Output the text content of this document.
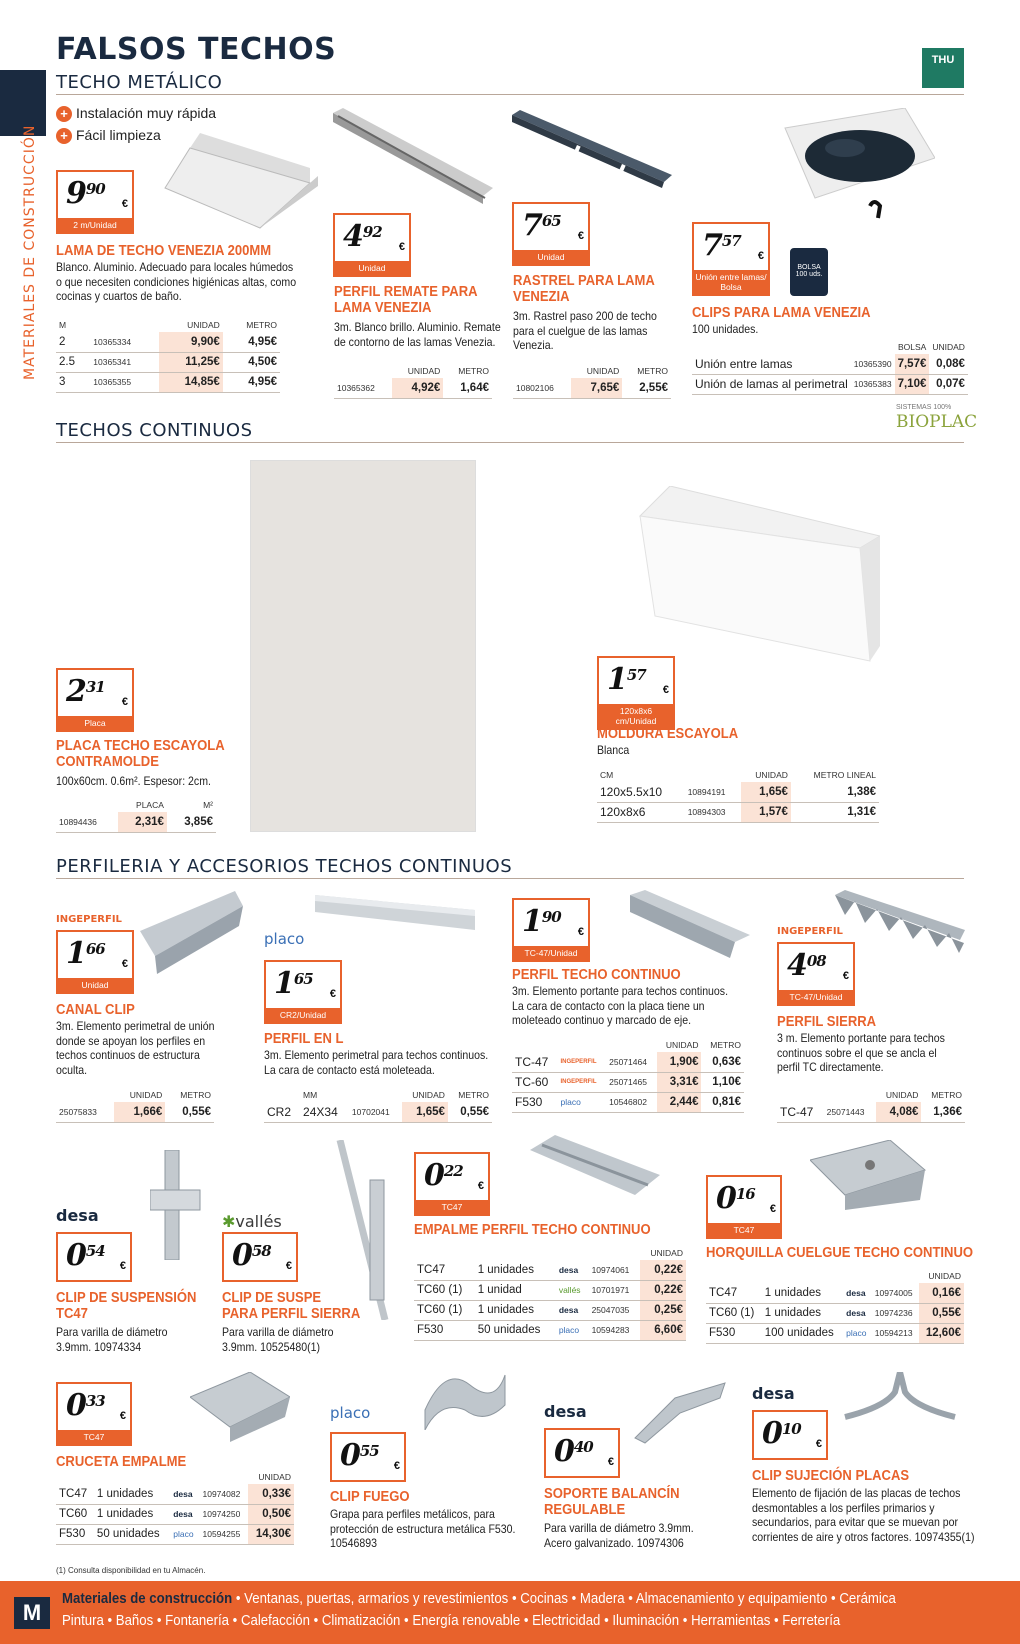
MATERIALES DE CONSTRUCCIÓN
FALSOS TECHOS
TECHO METÁLICO
THU
+ Instalación muy rápida
+ Fácil limpieza
$9^{90}$
€
2 m/Unidad
LAMA DE TECHO VENEZIA 200MM
Blanco. Aluminio. Adecuado para locales húmedos
o que necesiten condiciones higiénicas altas, como
cocinas y cuartos de baño.
M		UNIDAD	METRO
2	10365334	9,90€	4,95€
2.5	10365341	11,25€	4,50€
3	10365355	14,85€	4,95€
$4^{92}$
€
Unidad
PERFIL REMATE PARA
LAMA VENEZIA
3m. Blanco brillo. Aluminio. Remate
de contorno de las lamas Venezia.
	UNIDAD	METRO
10365362	4,92€	1,64€
$7^{65}$
€
Unidad
RASTREL PARA LAMA
VENEZIA
3m. Rastrel paso 200 de techo
para el cuelgue de las lamas
Venezia.
	UNIDAD	METRO
10802106	7,65€	2,55€
$7^{57}$
€
Unión entre lamas/ Bolsa
BOLSA
100 uds.
CLIPS PARA LAMA VENEZIA
100 unidades.
		BOLSA	UNIDAD
Unión entre lamas	10365390	7,57€	0,08€
Unión de lamas al perimetral	10365383	7,10€	0,07€
SISTEMAS 100%
BIOPLAC
TECHOS CONTINUOS
$2^{31}$
€
Placa
PLACA TECHO ESCAYOLA
CONTRAMOLDE
100x60cm. 0.6m². Espesor: 2cm.
	PLACA	M²
10894436	2,31€	3,85€
$1^{57}$
€
120x8x6 cm/Unidad
MOLDURA ESCAYOLA
Blanca
CM		UNIDAD	METRO LINEAL
120x5.5x10	10894191	1,65€	1,38€
120x8x6	10894303	1,57€	1,31€
PERFILERIA Y ACCESORIOS TECHOS CONTINUOS
INGEPERFIL
$1^{66}$
€
Unidad
CANAL CLIP
3m. Elemento perimetral de unión
donde se apoyan los perfiles en
techos continuos de estructura
oculta.
	UNIDAD	METRO
25075833	1,66€	0,55€
placo
$1^{65}$
€
CR2/Unidad
PERFIL EN L
3m. Elemento perimetral para techos continuos.
La cara de contacto está moleteada.
	MM		UNIDAD	METRO
CR2	24X34	10702041	1,65€	0,55€
$1^{90}$
€
TC-47/Unidad
PERFIL TECHO CONTINUO
3m. Elemento portante para techos continuos.
La cara de contacto con la placa tiene un
moleteado continuo y marcado de eje.
			UNIDAD	METRO
TC-47	INGEPERFIL	25071464	1,90€	0,63€
TC-60	INGEPERFIL	25071465	3,31€	1,10€
F530	placo	10546802	2,44€	0,81€
INGEPERFIL
$4^{08}$
€
TC-47/Unidad
PERFIL SIERRA
3 m. Elemento portante para techos
continuos sobre el que se ancla el
perfil TC directamente.
		UNIDAD	METRO
TC-47	25071443	4,08€	1,36€
desa
$0^{54}$
€
CLIP DE SUSPENSIÓN
TC47
Para varilla de diámetro
3.9mm. 10974334
✱vallés
$0^{58}$
€
CLIP DE SUSPE
PARA PERFIL SIERRA
Para varilla de diámetro
3.9mm. 10525480(1)
$0^{22}$
€
TC47
EMPALME PERFIL TECHO CONTINUO
				UNIDAD
TC47	1 unidades	desa	10974061	0,22€
TC60 (1)	1 unidad	vallés	10701971	0,22€
TC60 (1)	1 unidades	desa	25047035	0,25€
F530	50 unidades	placo	10594283	6,60€
$0^{16}$
€
TC47
HORQUILLA CUELGUE TECHO CONTINUO
				UNIDAD
TC47	1 unidades	desa	10974005	0,16€
TC60 (1)	1 unidades	desa	10974236	0,55€
F530	100 unidades	placo	10594213	12,60€
$0^{33}$
€
TC47
CRUCETA EMPALME
				UNIDAD
TC47	1 unidades	desa	10974082	0,33€
TC60	1 unidades	desa	10974250	0,50€
F530	50 unidades	placo	10594255	14,30€
placo
$0^{55}$
€
CLIP FUEGO
Grapa para perfiles metálicos, para
protección de estructura metálica F530.
10546893
desa
$0^{40}$
€
SOPORTE BALANCÍN
REGULABLE
Para varilla de diámetro 3.9mm.
Acero galvanizado. 10974306
desa
$0^{10}$
€
CLIP SUJECIÓN PLACAS
Elemento de fijación de las placas de techos
desmontables a los perfiles primarios y
secundarios, para evitar que se muevan por
corrientes de aire y otros factores. 10974355(1)
(1) Consulta disponibilidad en tu Almacén.
M
Materiales de construcción • Ventanas, puertas, armarios y revestimientos • Cocinas • Madera • Almacenamiento y equipamiento • Cerámica
Pintura • Baños • Fontanería • Calefacción • Climatización • Energía renovable • Electricidad • Iluminación • Herramientas • Ferretería
